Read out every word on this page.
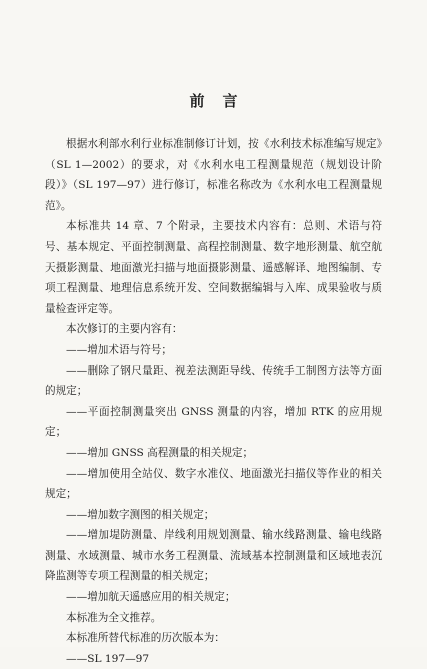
前 言

根据水利部水利行业标准制修订计划，按《水利技术标准编写规定》（SL 1—2002）的要求，对《水利水电工程测量规范（规划设计阶段）》（SL 197—97）进行修订，标准名称改为《水利水电工程测量规范》。

本标准共 14 章、7 个附录，主要技术内容有：总则、术语与符号、基本规定、平面控制测量、高程控制测量、数字地形测量、航空航天摄影测量、地面激光扫描与地面摄影测量、遥感解译、地图编制、专项工程测量、地理信息系统开发、空间数据编辑与入库、成果验收与质量检查评定等。

本次修订的主要内容有：

——增加术语与符号；

——删除了钢尺量距、视差法测距导线、传统手工制图方法等方面的规定；

——平面控制测量突出 GNSS 测量的内容，增加 RTK 的应用规定；

——增加 GNSS 高程测量的相关规定；

——增加使用全站仪、数字水准仪、地面激光扫描仪等作业的相关规定；

——增加数字测图的相关规定；

——增加堤防测量、岸线利用规划测量、输水线路测量、输电线路测量、水域测量、城市水务工程测量、流域基本控制测量和区域地表沉降监测等专项工程测量的相关规定；

——增加航天遥感应用的相关规定；

本标准为全文推荐。

本标准所替代标准的历次版本为：

——SL 197—97
